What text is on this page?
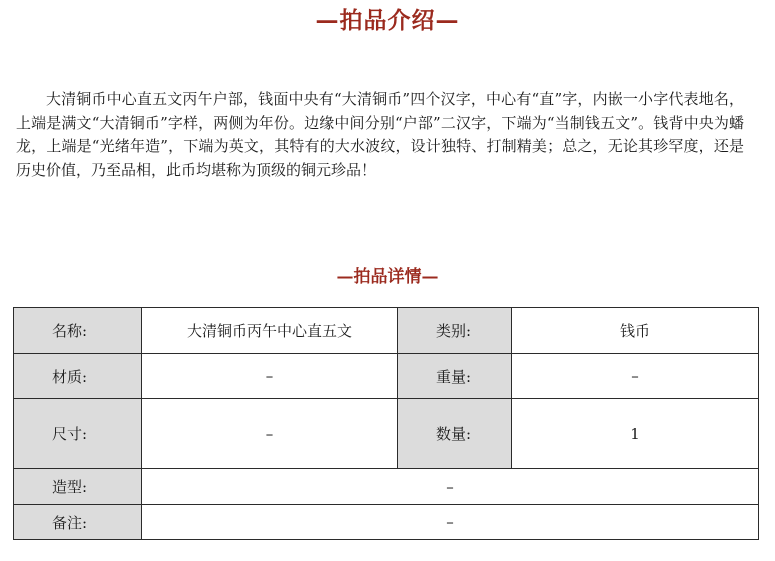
—拍品介绍—

大清铜币中心直五文丙午户部，钱面中央有“大清铜币”四个汉字，中心有“直”字，内嵌一小字代表地名，上端是满文“大清铜币”字样，两侧为年份。边缘中间分别“户部”二汉字，下端为“当制钱五文”。钱背中央为蟠龙，上端是“光绪年造”，下端为英文，其特有的大水波纹，设计独特、打制精美；总之，无论其珍罕度，还是历史价值，乃至品相，此币均堪称为顶级的铜元珍品！

—拍品详情—
名称:	大清铜币丙午中心直五文	类别:	钱币
材质:	–	重量:	–
尺寸:	–	数量:	1
造型:	–		
备注:	–		
